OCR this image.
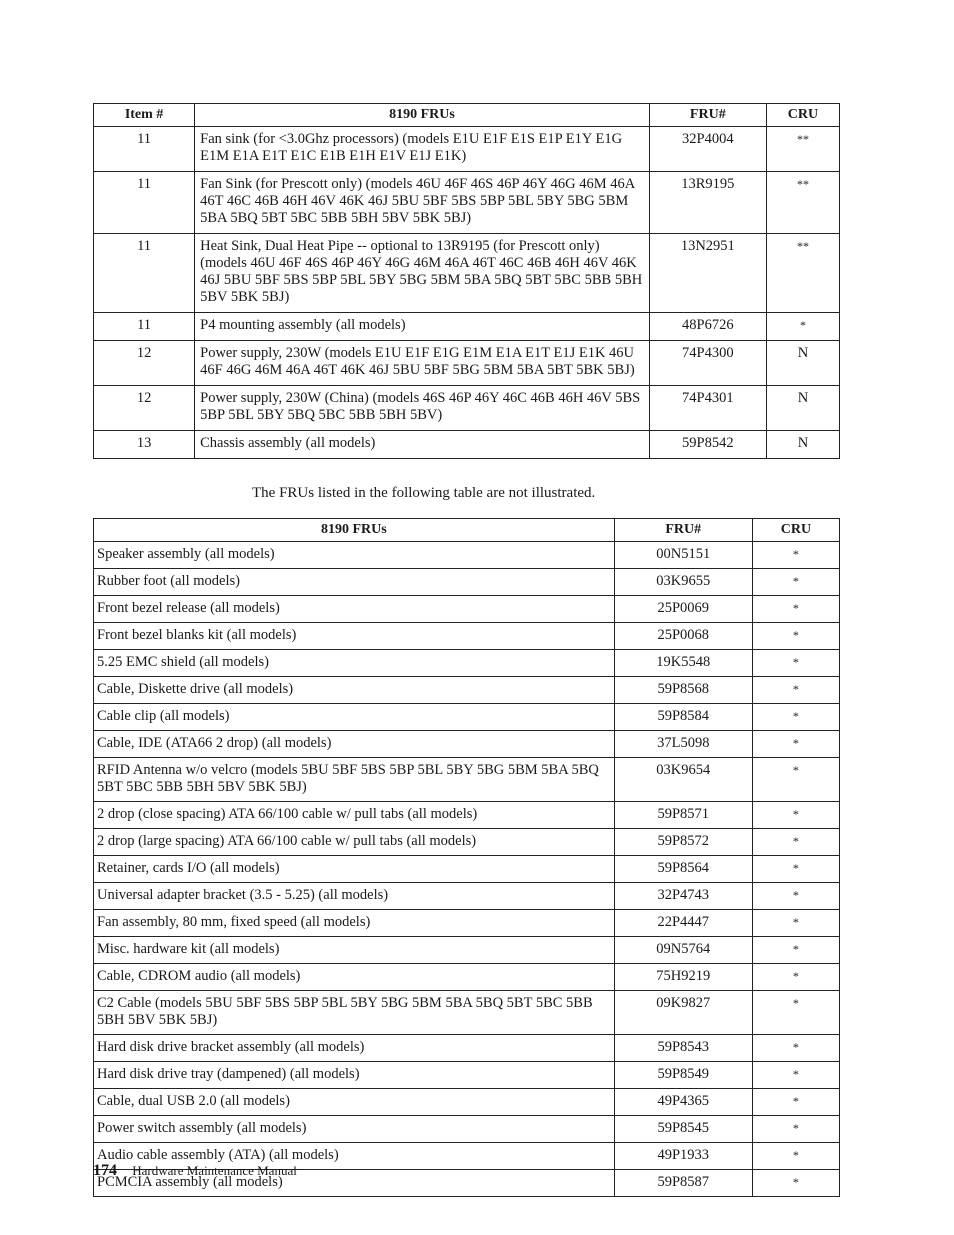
Item #	8190 FRUs	FRU#	CRU
11	Fan sink (for <3.0Ghz processors) (models E1U E1F E1S E1P E1Y E1G E1M E1A E1T E1C E1B E1H E1V E1J E1K)	32P4004	**
11	Fan Sink (for Prescott only) (models 46U 46F 46S 46P 46Y 46G 46M 46A 46T 46C 46B 46H 46V 46K 46J 5BU 5BF 5BS 5BP 5BL 5BY 5BG 5BM 5BA 5BQ 5BT 5BC 5BB 5BH 5BV 5BK 5BJ)	13R9195	**
11	Heat Sink, Dual Heat Pipe -- optional to 13R9195 (for Prescott only) (models 46U 46F 46S 46P 46Y 46G 46M 46A 46T 46C 46B 46H 46V 46K 46J 5BU 5BF 5BS 5BP 5BL 5BY 5BG 5BM 5BA 5BQ 5BT 5BC 5BB 5BH 5BV 5BK 5BJ)	13N2951	**
11	P4 mounting assembly (all models)	48P6726	*
12	Power supply, 230W (models E1U E1F E1G E1M E1A E1T E1J E1K 46U 46F 46G 46M 46A 46T 46K 46J 5BU 5BF 5BG 5BM 5BA 5BT 5BK 5BJ)	74P4300	N
12	Power supply, 230W (China) (models 46S 46P 46Y 46C 46B 46H 46V 5BS 5BP 5BL 5BY 5BQ 5BC 5BB 5BH 5BV)	74P4301	N
13	Chassis assembly (all models)	59P8542	N
The FRUs listed in the following table are not illustrated.
8190 FRUs	FRU#	CRU
Speaker assembly (all models)	00N5151	*
Rubber foot (all models)	03K9655	*
Front bezel release (all models)	25P0069	*
Front bezel blanks kit (all models)	25P0068	*
5.25 EMC shield (all models)	19K5548	*
Cable, Diskette drive (all models)	59P8568	*
Cable clip (all models)	59P8584	*
Cable, IDE (ATA66 2 drop) (all models)	37L5098	*
RFID Antenna w/o velcro (models 5BU 5BF 5BS 5BP 5BL 5BY 5BG 5BM 5BA 5BQ 5BT 5BC 5BB 5BH 5BV 5BK 5BJ)	03K9654	*
2 drop (close spacing) ATA 66/100 cable w/ pull tabs (all models)	59P8571	*
2 drop (large spacing) ATA 66/100 cable w/ pull tabs (all models)	59P8572	*
Retainer, cards I/O (all models)	59P8564	*
Universal adapter bracket (3.5 - 5.25) (all models)	32P4743	*
Fan assembly, 80 mm, fixed speed (all models)	22P4447	*
Misc. hardware kit (all models)	09N5764	*
Cable, CDROM audio (all models)	75H9219	*
C2 Cable (models 5BU 5BF 5BS 5BP 5BL 5BY 5BG 5BM 5BA 5BQ 5BT 5BC 5BB 5BH 5BV 5BK 5BJ)	09K9827	*
Hard disk drive bracket assembly (all models)	59P8543	*
Hard disk drive tray (dampened) (all models)	59P8549	*
Cable, dual USB 2.0 (all models)	49P4365	*
Power switch assembly (all models)	59P8545	*
Audio cable assembly (ATA) (all models)	49P1933	*
PCMCIA assembly (all models)	59P8587	*
174 Hardware Maintenance Manual
